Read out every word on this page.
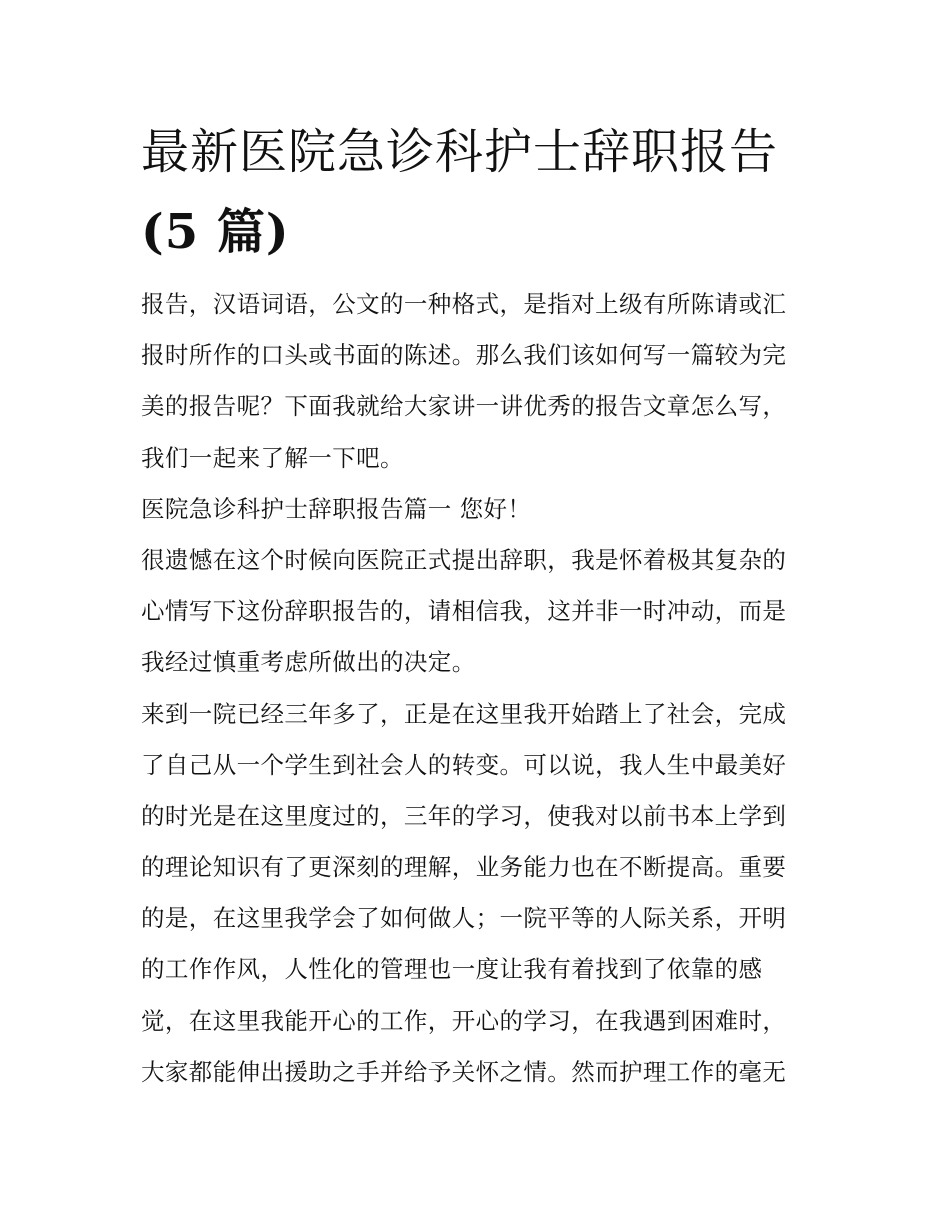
最新医院急诊科护士辞职报告
(5 篇)
报告，汉语词语，公文的一种格式，是指对上级有所陈请或汇
报时所作的口头或书面的陈述。那么我们该如何写一篇较为完
美的报告呢？下面我就给大家讲一讲优秀的报告文章怎么写，
我们一起来了解一下吧。
医院急诊科护士辞职报告篇一 您好！
很遗憾在这个时候向医院正式提出辞职，我是怀着极其复杂的
心情写下这份辞职报告的，请相信我，这并非一时冲动，而是
我经过慎重考虑所做出的决定。
来到一院已经三年多了，正是在这里我开始踏上了社会，完成
了自己从一个学生到社会人的转变。可以说，我人生中最美好
的时光是在这里度过的，三年的学习，使我对以前书本上学到
的理论知识有了更深刻的理解，业务能力也在不断提高。重要
的是，在这里我学会了如何做人；一院平等的人际关系，开明
的工作作风，人性化的管理也一度让我有着找到了依靠的感
觉，在这里我能开心的工作，开心的学习，在我遇到困难时，
大家都能伸出援助之手并给予关怀之情。然而护理工作的毫无
